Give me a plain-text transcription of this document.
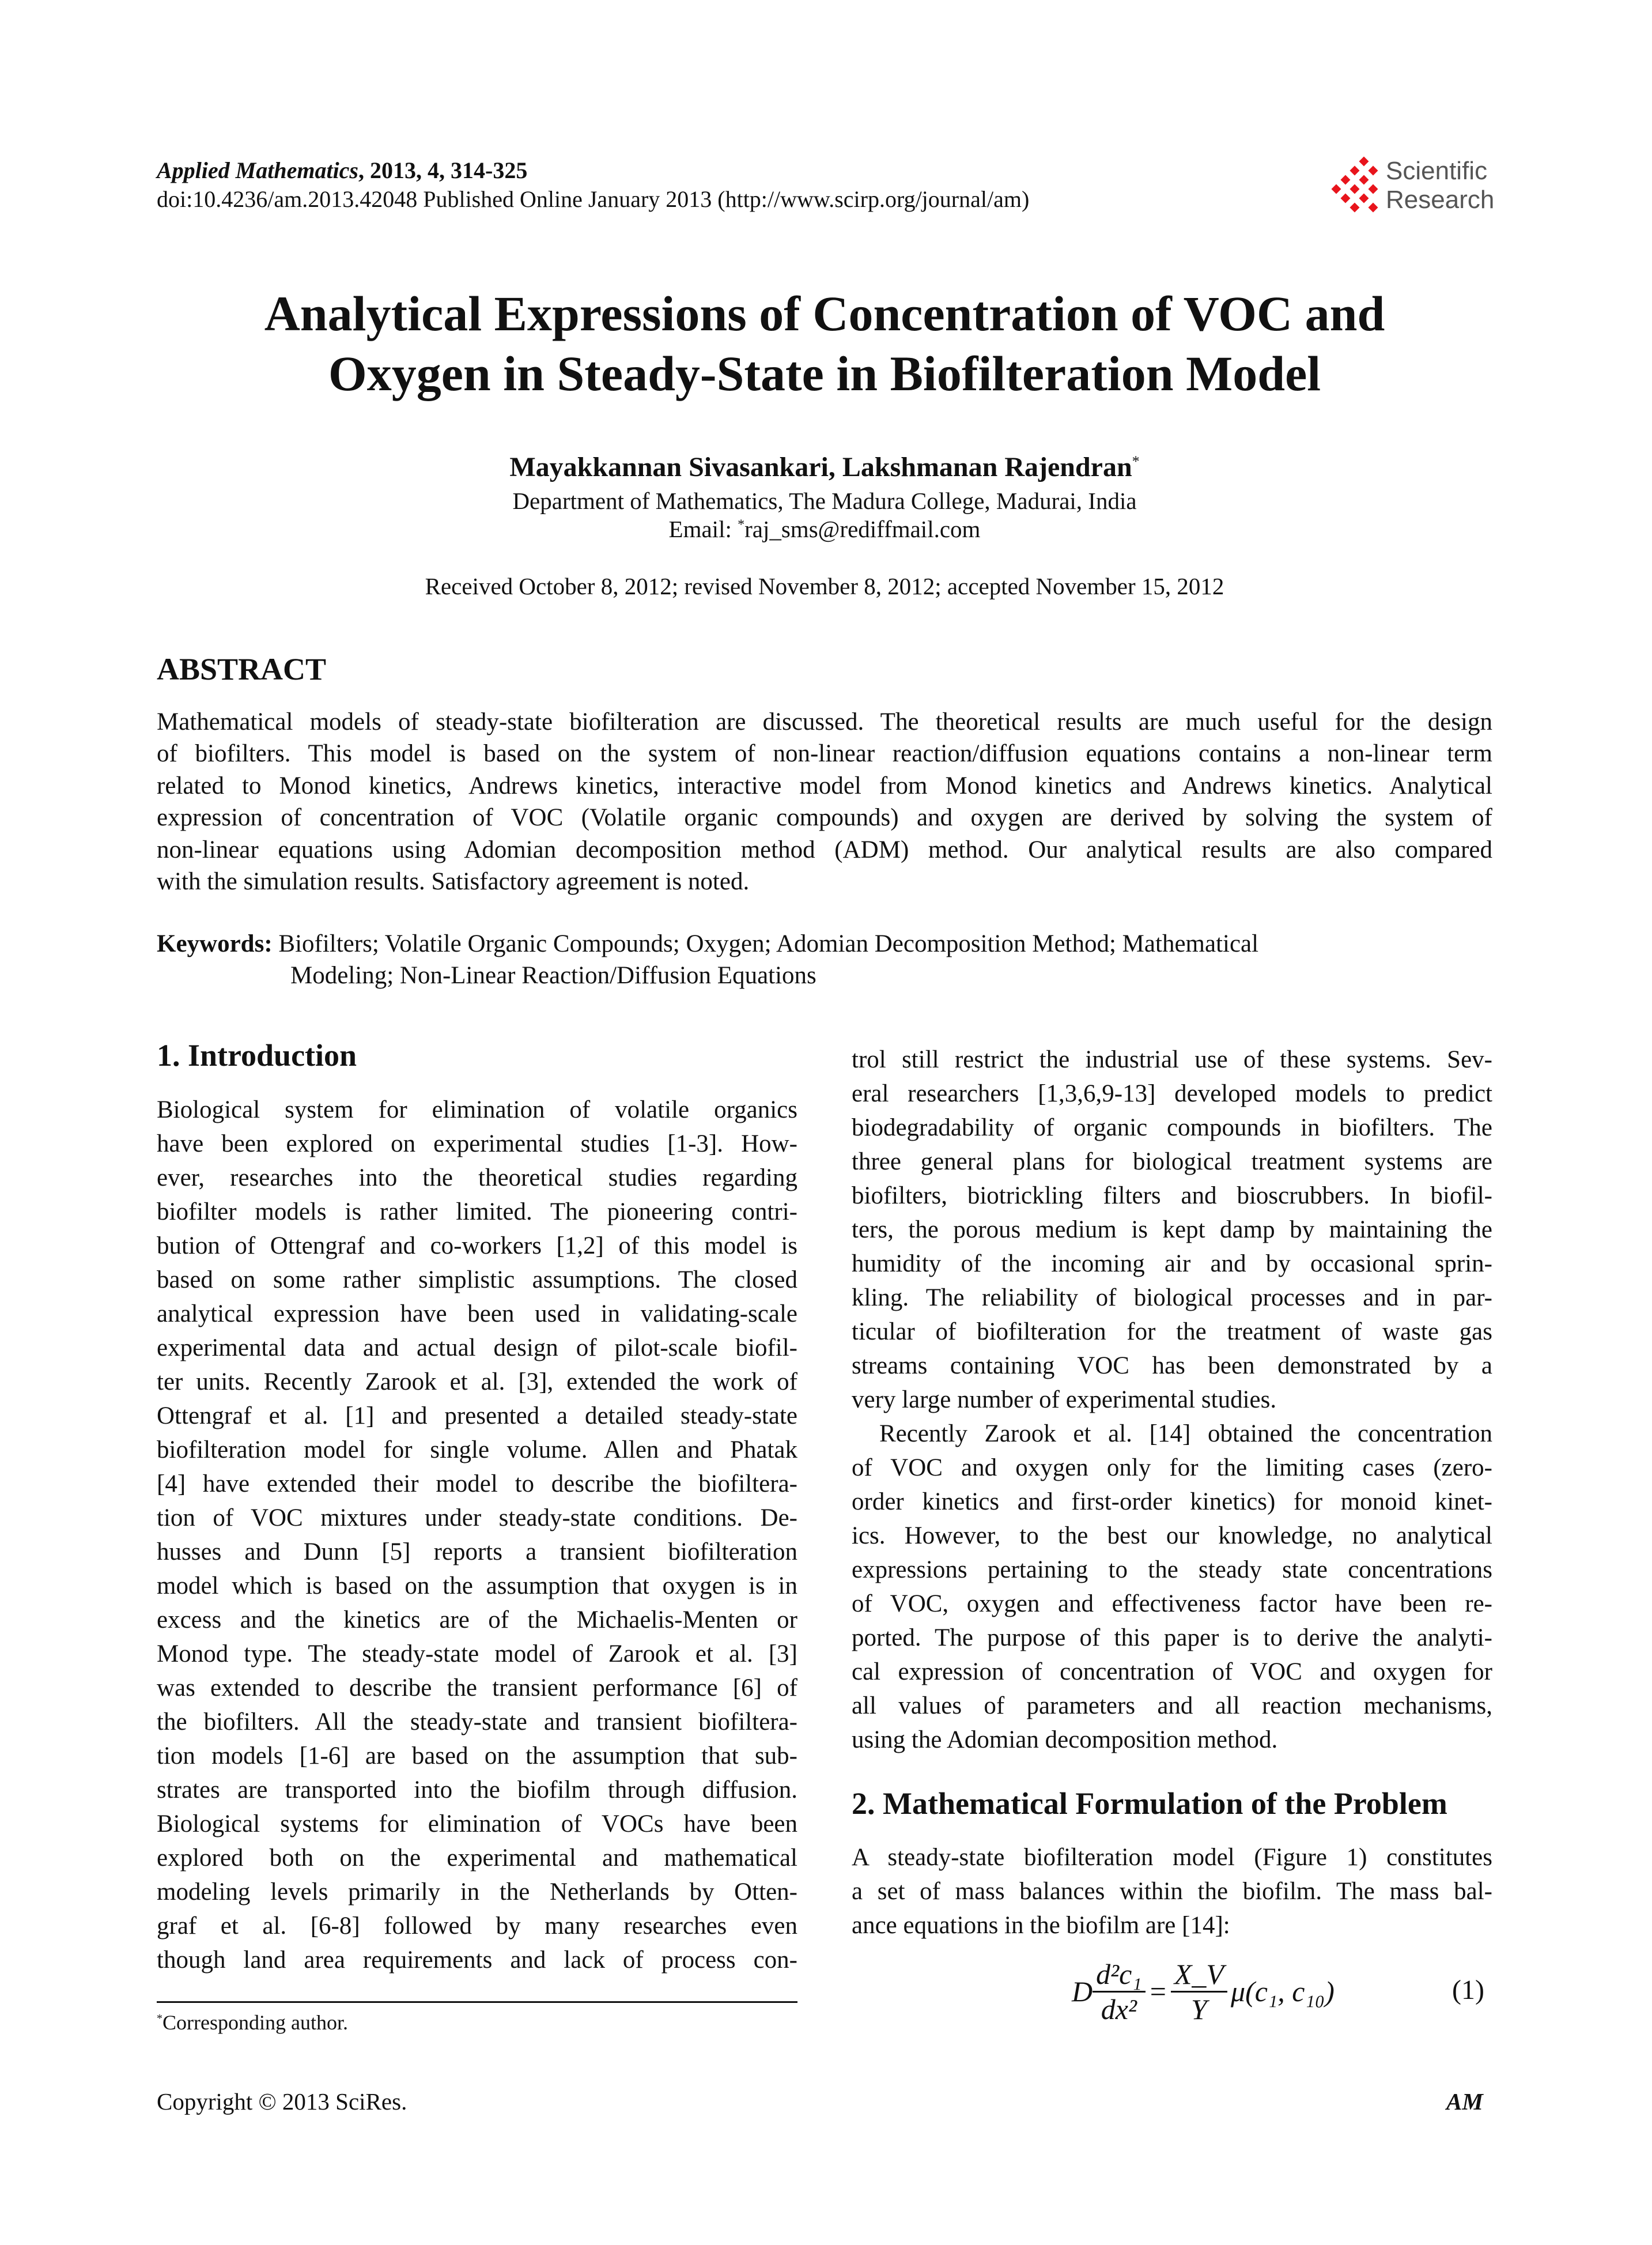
Applied Mathematics, 2013, 4, 314-325
doi:10.4236/am.2013.42048 Published Online January 2013 (http://www.scirp.org/journal/am)
Scientific
Research
Analytical Expressions of Concentration of VOC and
Oxygen in Steady-State in Biofilteration Model
Mayakkannan Sivasankari, Lakshmanan Rajendran*
Department of Mathematics, The Madura College, Madurai, India
Email: *raj_sms@rediffmail.com
Received October 8, 2012; revised November 8, 2012; accepted November 15, 2012
ABSTRACT
Mathematical models of steady-state biofilteration are discussed. The theoretical results are much useful for the design
of biofilters. This model is based on the system of non-linear reaction/diffusion equations contains a non-linear term
related to Monod kinetics, Andrews kinetics, interactive model from Monod kinetics and Andrews kinetics. Analytical
expression of concentration of VOC (Volatile organic compounds) and oxygen are derived by solving the system of
non-linear equations using Adomian decomposition method (ADM) method. Our analytical results are also compared
with the simulation results. Satisfactory agreement is noted.
Keywords: Biofilters; Volatile Organic Compounds; Oxygen; Adomian Decomposition Method; Mathematical
Modeling; Non-Linear Reaction/Diffusion Equations
1. Introduction
Biological system for elimination of volatile organics
have been explored on experimental studies [1-3]. How-
ever, researches into the theoretical studies regarding
biofilter models is rather limited. The pioneering contri-
bution of Ottengraf and co-workers [1,2] of this model is
based on some rather simplistic assumptions. The closed
analytical expression have been used in validating-scale
experimental data and actual design of pilot-scale biofil-
ter units. Recently Zarook et al. [3], extended the work of
Ottengraf et al. [1] and presented a detailed steady-state
biofilteration model for single volume. Allen and Phatak
[4] have extended their model to describe the biofiltera-
tion of VOC mixtures under steady-state conditions. De-
husses and Dunn [5] reports a transient biofilteration
model which is based on the assumption that oxygen is in
excess and the kinetics are of the Michaelis-Menten or
Monod type. The steady-state model of Zarook et al. [3]
was extended to describe the transient performance [6] of
the biofilters. All the steady-state and transient biofiltera-
tion models [1-6] are based on the assumption that sub-
strates are transported into the biofilm through diffusion.
Biological systems for elimination of VOCs have been
explored both on the experimental and mathematical
modeling levels primarily in the Netherlands by Otten-
graf et al. [6-8] followed by many researches even
though land area requirements and lack of process con-
trol still restrict the industrial use of these systems. Sev-
eral researchers [1,3,6,9-13] developed models to predict
biodegradability of organic compounds in biofilters. The
three general plans for biological treatment systems are
biofilters, biotrickling filters and bioscrubbers. In biofil-
ters, the porous medium is kept damp by maintaining the
humidity of the incoming air and by occasional sprin-
kling. The reliability of biological processes and in par-
ticular of biofilteration for the treatment of waste gas
streams containing VOC has been demonstrated by a
very large number of experimental studies.
Recently Zarook et al. [14] obtained the concentration
of VOC and oxygen only for the limiting cases (zero-
order kinetics and first-order kinetics) for monoid kinet-
ics. However, to the best our knowledge, no analytical
expressions pertaining to the steady state concentrations
of VOC, oxygen and effectiveness factor have been re-
ported. The purpose of this paper is to derive the analyti-
cal expression of concentration of VOC and oxygen for
all values of parameters and all reaction mechanisms,
using the Adomian decomposition method.
2. Mathematical Formulation of the Problem
A steady-state biofilteration model (Figure 1) constitutes
a set of mass balances within the biofilm. The mass bal-
ance equations in the biofilm are [14]:
D $\frac{\text{d²c₁}}{\text{dx²}} = \frac{X\_V}{Y} \mu(c_1$, c₁₀)	(1)
*Corresponding author.
Copyright © 2013 SciRes.	AM
